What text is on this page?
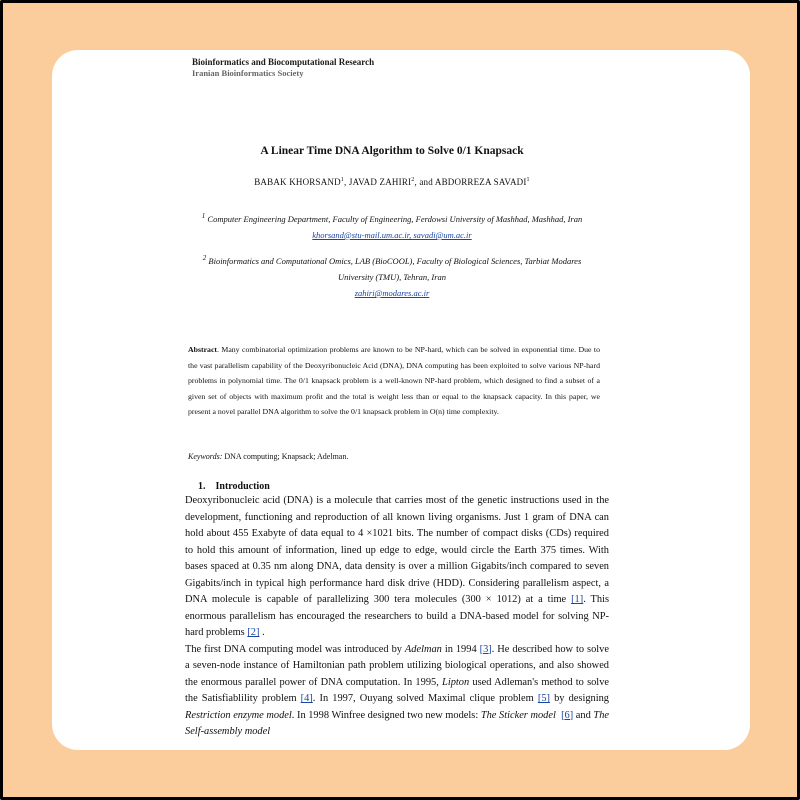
Bioinformatics and Biocomputational Research
Iranian Bioinformatics Society
A Linear Time DNA Algorithm to Solve 0/1 Knapsack
BABAK KHORSAND$^1$, JAVAD ZAHIRI$^2$, and ABDORREZA SAVADI$^1$
$^1$ Computer Engineering Department, Faculty of Engineering, Ferdowsi University of Mashhad, Mashhad, Iran
khorsand@stu-mail.um.ac.ir, savadi@um.ac.ir
$^2$ Bioinformatics and Computational Omics, LAB (BioCOOL), Faculty of Biological Sciences, Tarbiat Modares
University (TMU), Tehran, Iran
zahiri@modares.ac.ir
Abstract. Many combinatorial optimization problems are known to be NP-hard, which can be solved in exponential time. Due to the vast parallelism capability of the Deoxyribonucleic Acid (DNA), DNA computing has been exploited to solve various NP-hard problems in polynomial time. The 0/1 knapsack problem is a well-known NP-hard problem, which designed to find a subset of a given set of objects with maximum profit and the total is weight less than or equal to the knapsack capacity. In this paper, we present a novel parallel DNA algorithm to solve the 0/1 knapsack problem in O(n) time complexity.
Keywords: DNA computing; Knapsack; Adelman.
1.    Introduction

Deoxyribonucleic acid (DNA) is a molecule that carries most of the genetic instructions used in the development, functioning and reproduction of all known living organisms. Just 1 gram of DNA can hold about 455 Exabyte of data equal to 4 ×1021 bits. The number of compact disks (CDs) required to hold this amount of information, lined up edge to edge, would circle the Earth 375 times. With bases spaced at 0.35 nm along DNA, data density is over a million Gigabits/inch compared to seven Gigabits/inch in typical high performance hard disk drive (HDD). Considering parallelism aspect, a DNA molecule is capable of parallelizing 300 tera molecules (300 × 1012) at a time [1]. This enormous parallelism has encouraged the researchers to build a DNA-based model for solving NP-hard problems [2] .

The first DNA computing model was introduced by Adelman in 1994 [3]. He described how to solve a seven-node instance of Hamiltonian path problem utilizing biological operations, and also showed the enormous parallel power of DNA computation. In 1995, Lipton used Adleman's method to solve the Satisfiablility problem [4]. In 1997, Ouyang solved Maximal clique problem [5] by designing Restriction enzyme model. In 1998 Winfree designed two new models: The Sticker model [6] and The Self-assembly model
